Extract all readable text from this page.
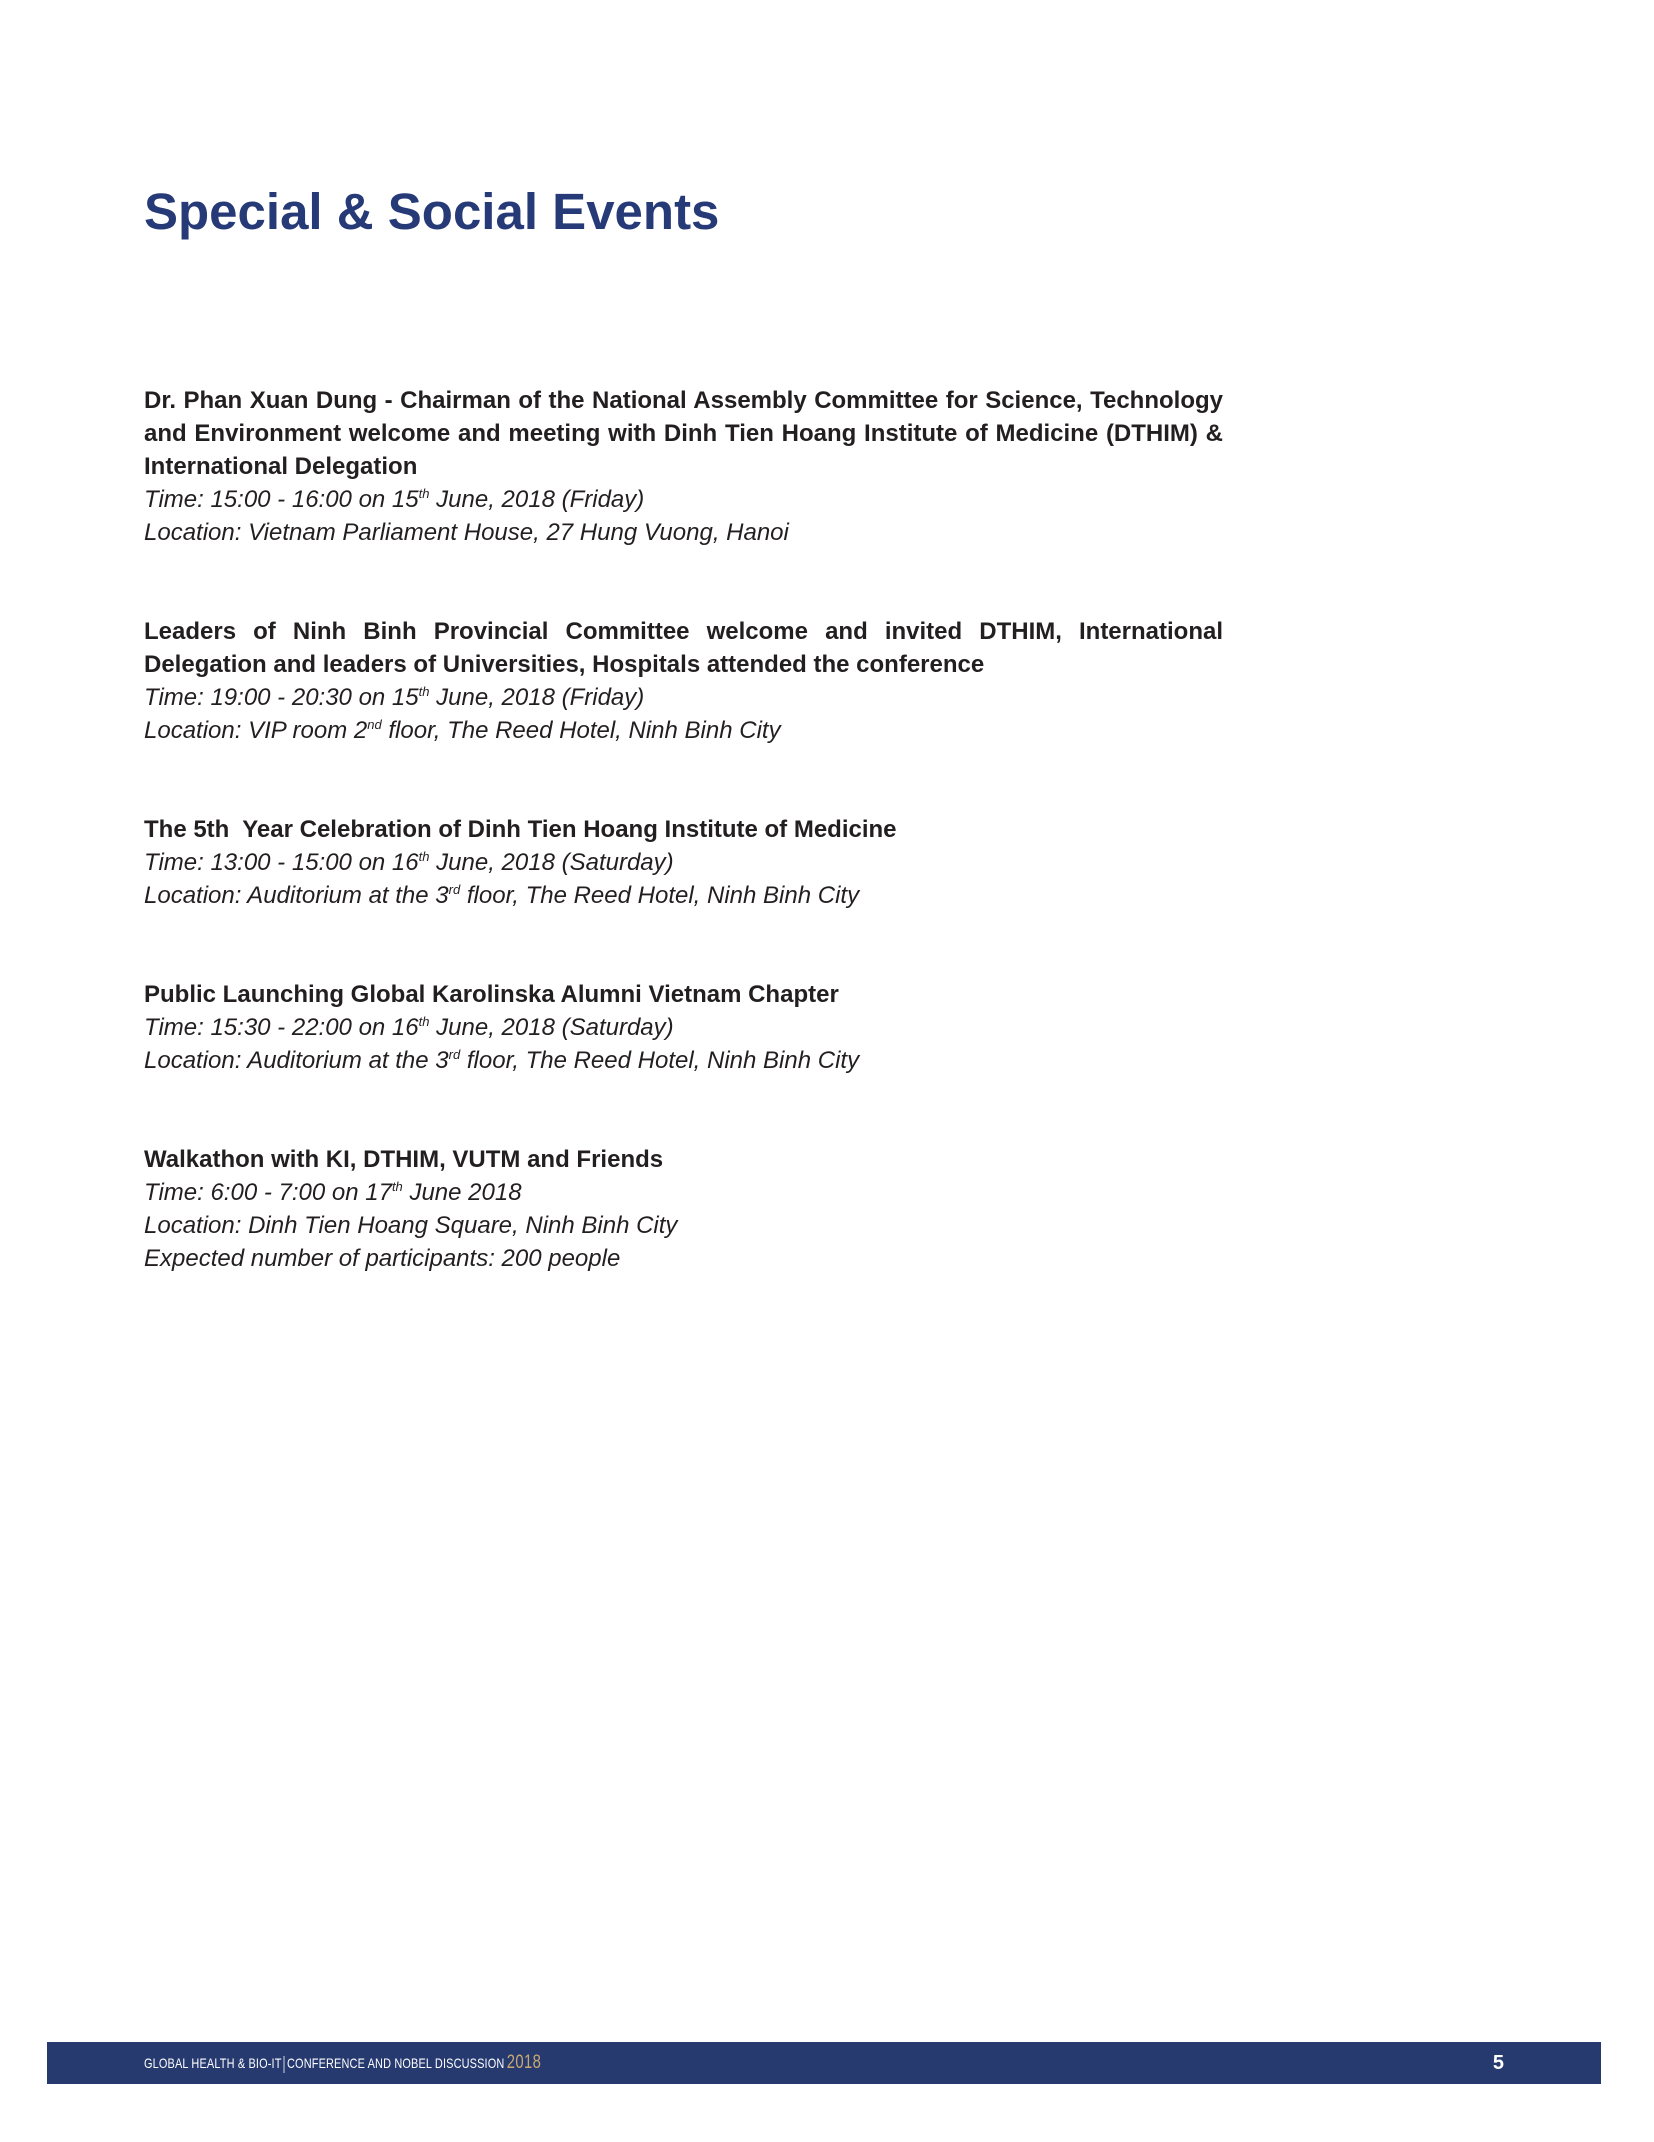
Special & Social Events

Dr. Phan Xuan Dung - Chairman of the National Assembly Committee for Science, Technology and Environment welcome and meeting with Dinh Tien Hoang Institute of Medicine (DTHIM) & International Delegation

Time: 15:00 - 16:00 on 15th June, 2018 (Friday)

Location: Vietnam Parliament House, 27 Hung Vuong, Hanoi

Leaders of Ninh Binh Provincial Committee welcome and invited DTHIM, International Delegation and leaders of Universities, Hospitals attended the conference

Time: 19:00 - 20:30 on 15th June, 2018 (Friday)

Location: VIP room 2nd floor, The Reed Hotel, Ninh Binh City

The 5th  Year Celebration of Dinh Tien Hoang Institute of Medicine

Time: 13:00 - 15:00 on 16th June, 2018 (Saturday)

Location: Auditorium at the 3rd floor, The Reed Hotel, Ninh Binh City

Public Launching Global Karolinska Alumni Vietnam Chapter

Time: 15:30 - 22:00 on 16th June, 2018 (Saturday)

Location: Auditorium at the 3rd floor, The Reed Hotel, Ninh Binh City

Walkathon with KI, DTHIM, VUTM and Friends

Time: 6:00 - 7:00 on 17th June 2018

Location: Dinh Tien Hoang Square, Ninh Binh City

Expected number of participants: 200 people

GLOBAL HEALTH & BIO-IT CONFERENCE AND NOBEL DISCUSSION 2018	5
